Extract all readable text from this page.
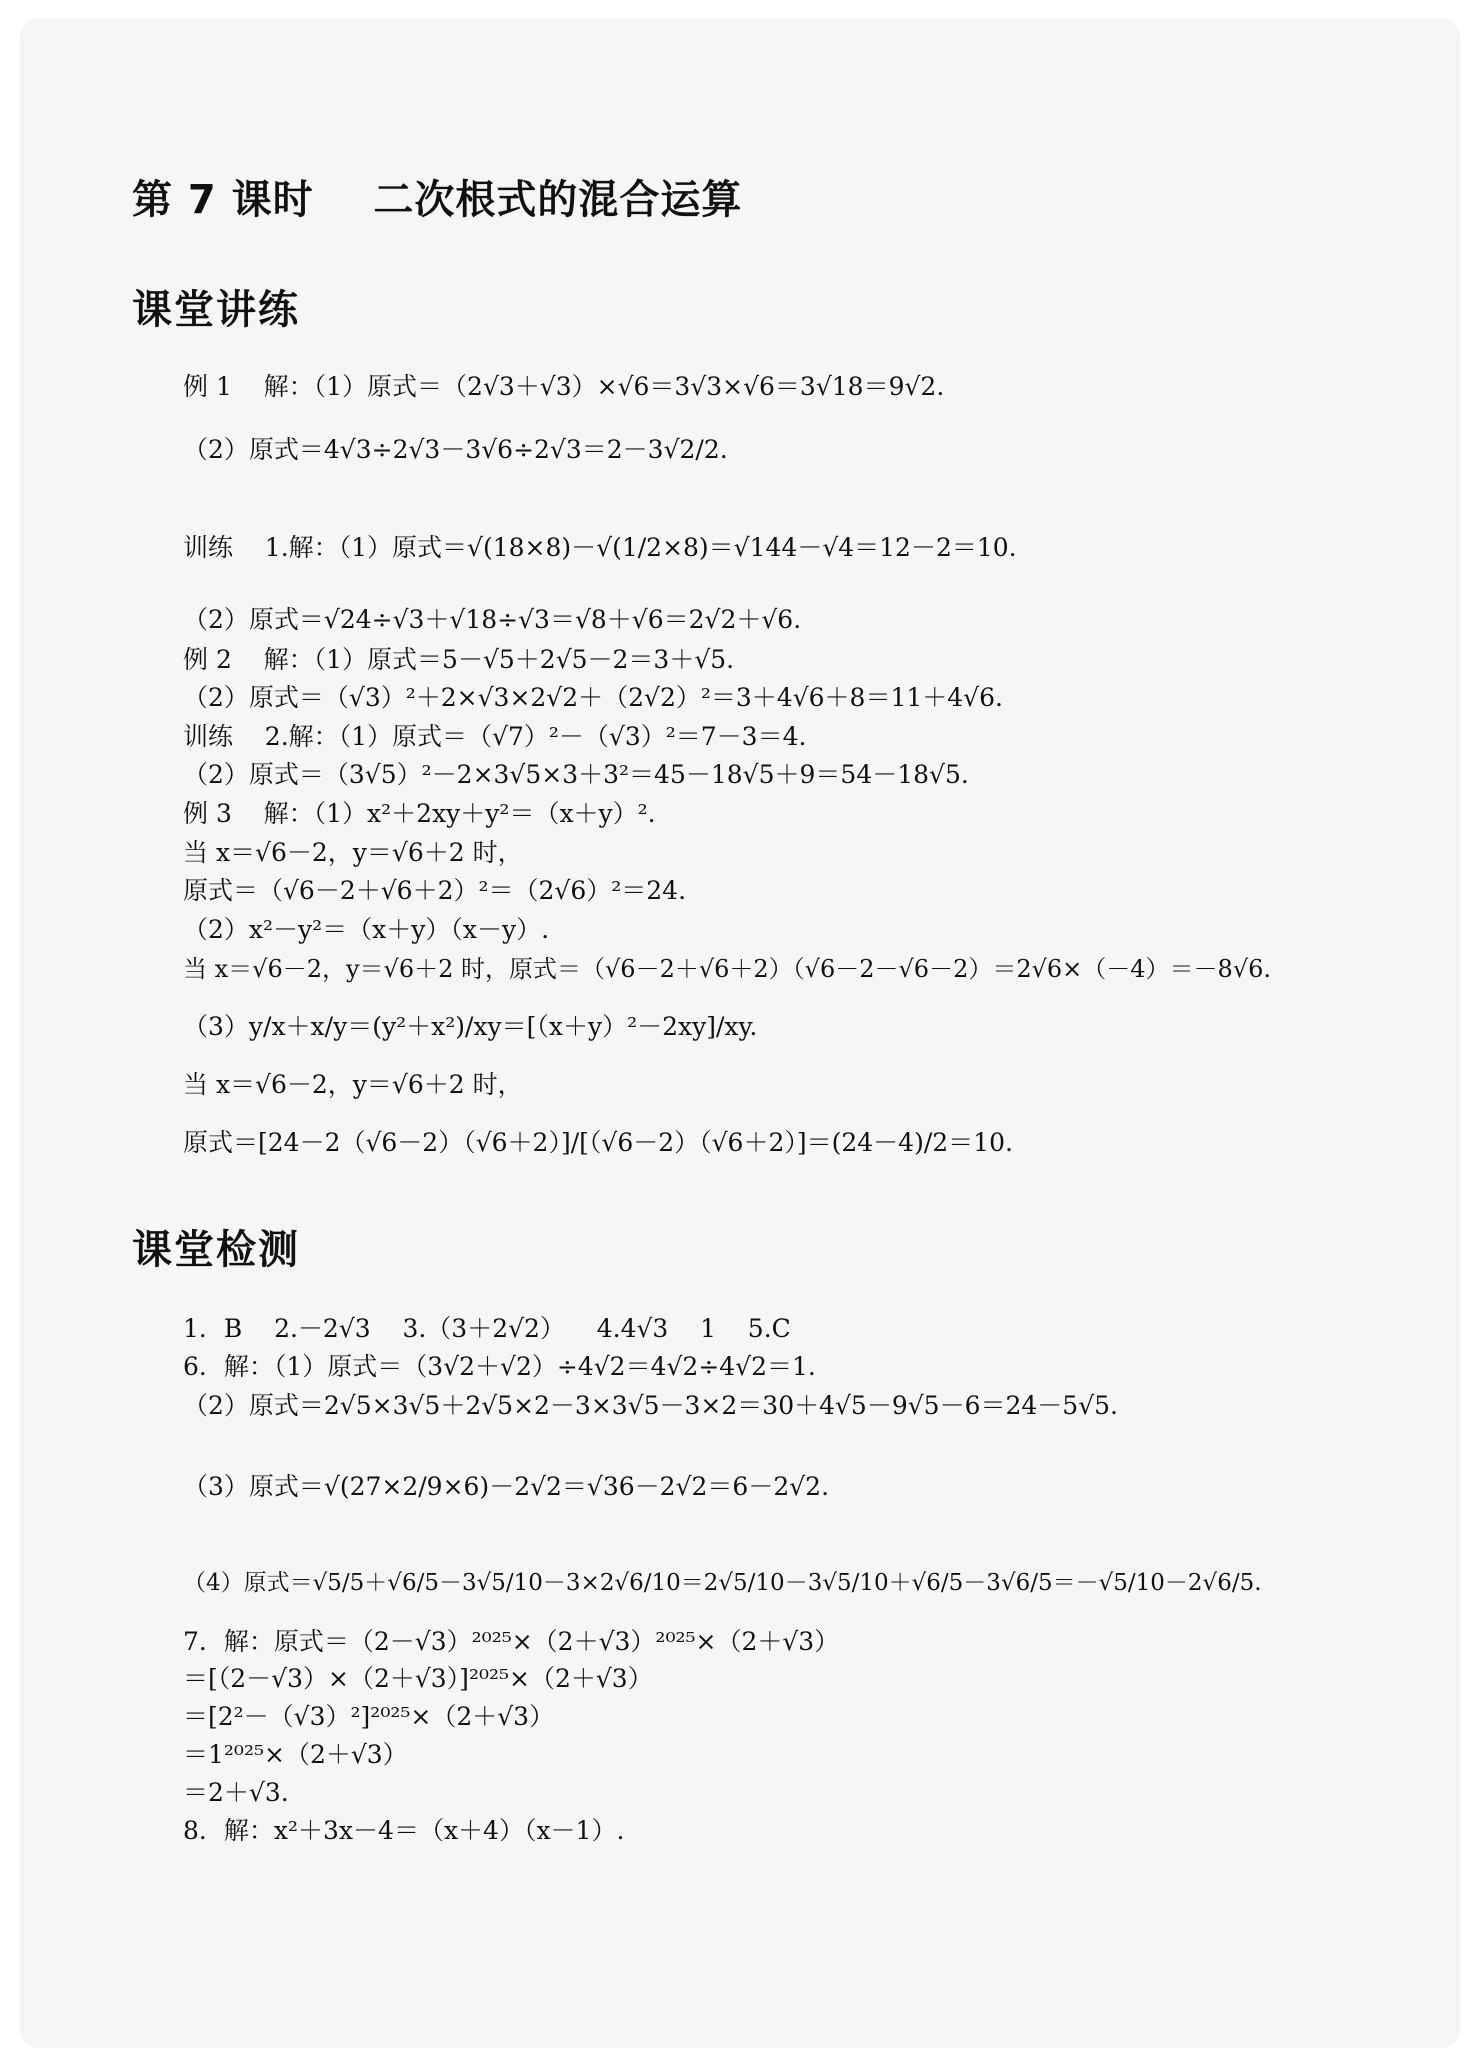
第 7 课时    二次根式的混合运算
课堂讲练

例 1    解：（1）原式＝（2√3＋√3）×√6＝3√3×√6＝3√18＝9√2.

（2）原式＝4√3÷2√3－3√6÷2√3＝2－3√2/2.

训练    1.解：（1）原式＝√(18×8)－√(1/2×8)＝√144－√4＝12－2＝10.

（2）原式＝√24÷√3＋√18÷√3＝√8＋√6＝2√2＋√6.

例 2    解：（1）原式＝5－√5＋2√5－2＝3＋√5.

（2）原式＝（√3）²＋2×√3×2√2＋（2√2）²＝3＋4√6＋8＝11＋4√6.

训练    2.解：（1）原式＝（√7）²－（√3）²＝7－3＝4.

（2）原式＝（3√5）²－2×3√5×3＋3²＝45－18√5＋9＝54－18√5.

例 3    解：（1）x²＋2xy＋y²＝（x＋y）².

当 x＝√6－2，y＝√6＋2 时，

原式＝（√6－2＋√6＋2）²＝（2√6）²＝24.

（2）x²－y²＝（x＋y）（x－y）.

当 x＝√6－2，y＝√6＋2 时，原式＝（√6－2＋√6＋2）（√6－2－√6－2）＝2√6×（－4）＝－8√6.

（3）y/x＋x/y＝(y²＋x²)/xy＝[（x＋y）²－2xy]/xy.

当 x＝√6－2，y＝√6＋2 时，

原式＝[24－2（√6－2）（√6＋2）]/[（√6－2）（√6＋2）]＝(24－4)/2＝10.

课堂检测

1．B    2.－2√3    3.（3＋2√2）    4.4√3    1    5.C

6．解：（1）原式＝（3√2＋√2）÷4√2＝4√2÷4√2＝1.

（2）原式＝2√5×3√5＋2√5×2－3×3√5－3×2＝30＋4√5－9√5－6＝24－5√5.

（3）原式＝√(27×2/9×6)－2√2＝√36－2√2＝6－2√2.

（4）原式＝√5/5＋√6/5－3√5/10－3×2√6/10＝2√5/10－3√5/10＋√6/5－3√6/5＝－√5/10－2√6/5.

7．解：原式＝（2－√3）²⁰²⁵×（2＋√3）²⁰²⁵×（2＋√3）

＝[（2－√3）×（2＋√3）]²⁰²⁵×（2＋√3）

＝[2²－（√3）²]²⁰²⁵×（2＋√3）

＝1²⁰²⁵×（2＋√3）

＝2＋√3.

8．解：x²＋3x－4＝（x＋4）（x－1）.
